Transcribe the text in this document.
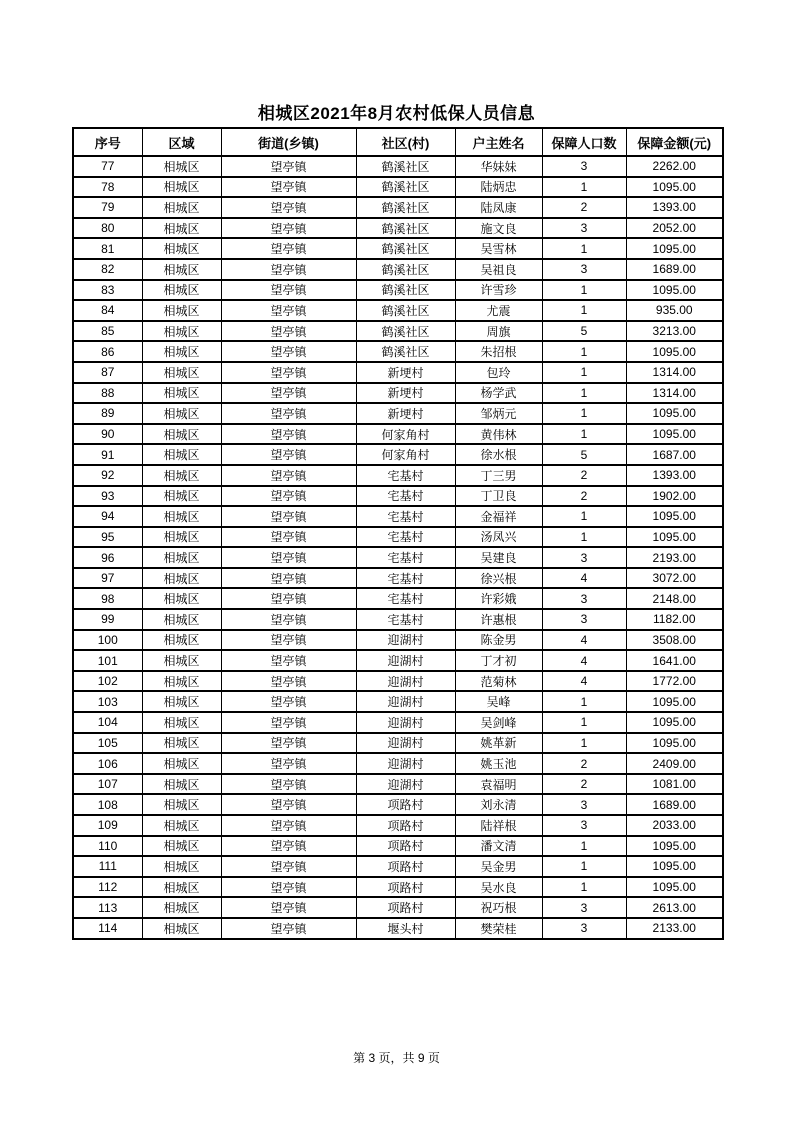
相城区2021年8月农村低保人员信息
序号	区域	街道(乡镇)	社区(村)	户主姓名	保障人口数	保障金额(元)
77	相城区	望亭镇	鹤溪社区	华妹妹	3	2262.00
78	相城区	望亭镇	鹤溪社区	陆炳忠	1	1095.00
79	相城区	望亭镇	鹤溪社区	陆凤康	2	1393.00
80	相城区	望亭镇	鹤溪社区	施文良	3	2052.00
81	相城区	望亭镇	鹤溪社区	吴雪林	1	1095.00
82	相城区	望亭镇	鹤溪社区	吴祖良	3	1689.00
83	相城区	望亭镇	鹤溪社区	许雪珍	1	1095.00
84	相城区	望亭镇	鹤溪社区	尤震	1	935.00
85	相城区	望亭镇	鹤溪社区	周旗	5	3213.00
86	相城区	望亭镇	鹤溪社区	朱招根	1	1095.00
87	相城区	望亭镇	新埂村	包玲	1	1314.00
88	相城区	望亭镇	新埂村	杨学武	1	1314.00
89	相城区	望亭镇	新埂村	邹炳元	1	1095.00
90	相城区	望亭镇	何家角村	黄伟林	1	1095.00
91	相城区	望亭镇	何家角村	徐水根	5	1687.00
92	相城区	望亭镇	宅基村	丁三男	2	1393.00
93	相城区	望亭镇	宅基村	丁卫良	2	1902.00
94	相城区	望亭镇	宅基村	金福祥	1	1095.00
95	相城区	望亭镇	宅基村	汤凤兴	1	1095.00
96	相城区	望亭镇	宅基村	吴建良	3	2193.00
97	相城区	望亭镇	宅基村	徐兴根	4	3072.00
98	相城区	望亭镇	宅基村	许彩娥	3	2148.00
99	相城区	望亭镇	宅基村	许惠根	3	1182.00
100	相城区	望亭镇	迎湖村	陈金男	4	3508.00
101	相城区	望亭镇	迎湖村	丁才初	4	1641.00
102	相城区	望亭镇	迎湖村	范菊林	4	1772.00
103	相城区	望亭镇	迎湖村	吴峰	1	1095.00
104	相城区	望亭镇	迎湖村	吴剑峰	1	1095.00
105	相城区	望亭镇	迎湖村	姚革新	1	1095.00
106	相城区	望亭镇	迎湖村	姚玉池	2	2409.00
107	相城区	望亭镇	迎湖村	袁福明	2	1081.00
108	相城区	望亭镇	项路村	刘永清	3	1689.00
109	相城区	望亭镇	项路村	陆祥根	3	2033.00
110	相城区	望亭镇	项路村	潘文清	1	1095.00
111	相城区	望亭镇	项路村	吴金男	1	1095.00
112	相城区	望亭镇	项路村	吴水良	1	1095.00
113	相城区	望亭镇	项路村	祝巧根	3	2613.00
114	相城区	望亭镇	堰头村	樊荣桂	3	2133.00
第 3 页，共 9 页
